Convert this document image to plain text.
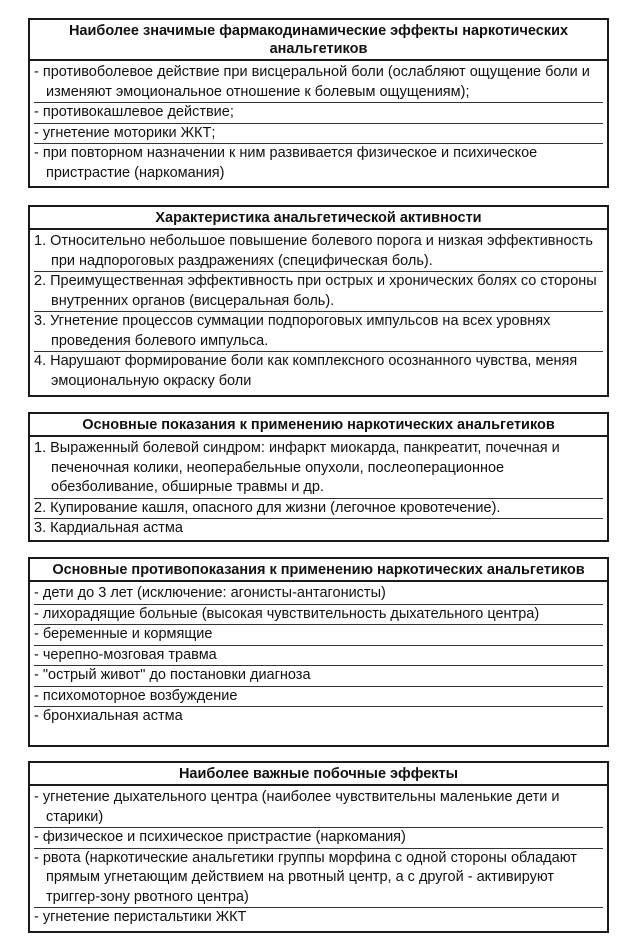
Наиболее значимые фармакодинамические эффекты наркотических анальгетиков
- противоболевое действие при висцеральной боли (ослабляют ощущение боли и изменяют эмоциональное отношение к болевым ощущениям);
- противокашлевое действие;
- угнетение моторики ЖКТ;
- при повторном назначении к ним развивается физическое и психическое пристрастие (наркомания)
Характеристика анальгетической активности
1. Относительно небольшое повышение болевого порога и низкая эффективность при надпороговых раздражениях (специфическая боль).
2. Преимущественная эффективность при острых и хронических болях со стороны внутренних органов (висцеральная боль).
3. Угнетение процессов суммации подпороговых импульсов на всех уровнях проведения болевого импульса.
4. Нарушают формирование боли как комплексного осознанного чувства, меняя эмоциональную окраску боли
Основные показания к применению наркотических анальгетиков
1. Выраженный болевой синдром: инфаркт миокарда, панкреатит, почечная и печеночная колики, неоперабельные опухоли, послеоперационное обезболивание, обширные травмы и др.
2. Купирование кашля, опасного для жизни (легочное кровотечение).
3. Кардиальная астма
Основные противопоказания к применению наркотических анальгетиков
- дети до 3 лет (исключение: агонисты-антагонисты)
- лихорадящие больные (высокая чувствительность дыхательного центра)
- беременные и кормящие
- черепно-мозговая травма
- "острый живот" до постановки диагноза
- психомоторное возбуждение
- бронхиальная астма
Наиболее важные побочные эффекты
- угнетение дыхательного центра (наиболее чувствительны маленькие дети и старики)
- физическое и психическое пристрастие (наркомания)
- рвота (наркотические анальгетики группы морфина с одной стороны обладают прямым угнетающим действием на рвотный центр, а с другой - активируют триггер-зону рвотного центра)
- угнетение перистальтики ЖКТ
